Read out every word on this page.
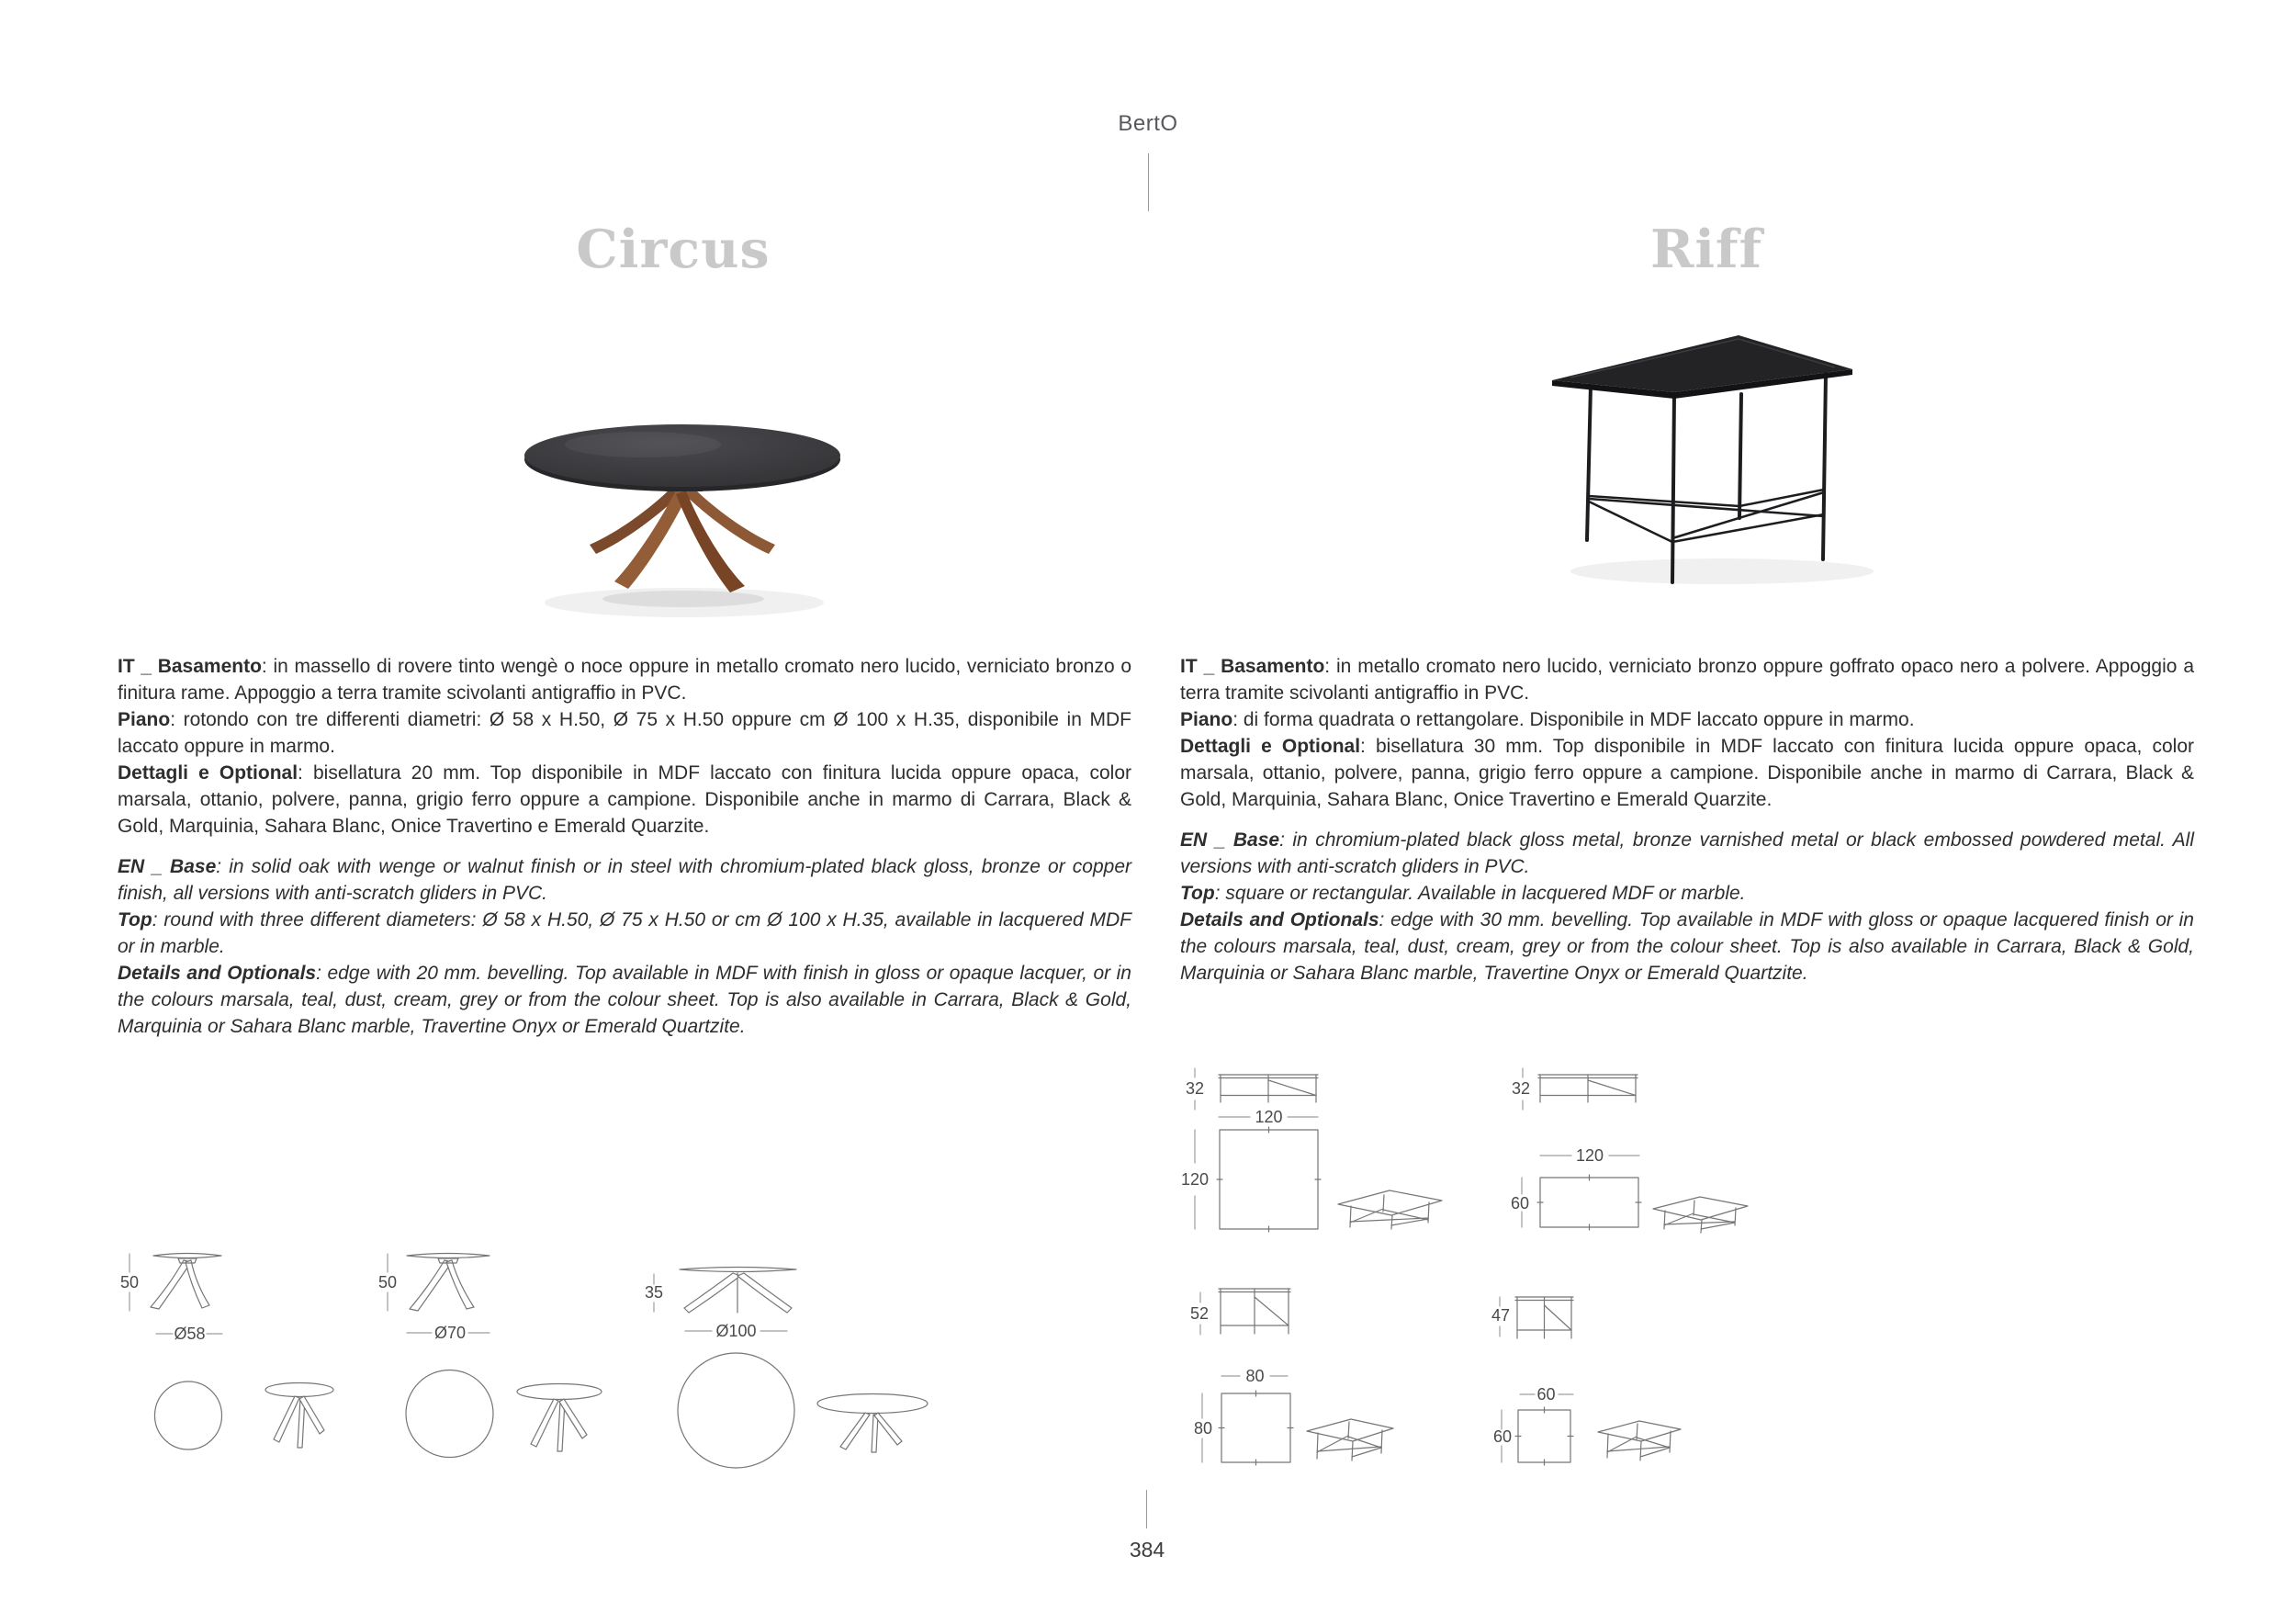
BertO
Circus	Riff

IT _ Basamento: in massello di rovere tinto wengè o noce oppure in metallo cromato nero lucido, verniciato bronzo o finitura rame. Appoggio a terra tramite scivolanti antigraffio in PVC.

Piano: rotondo con tre differenti diametri: Ø 58 x H.50, Ø 75 x H.50 oppure cm Ø 100 x H.35, disponibile in MDF laccato oppure in marmo.

Dettagli e Optional: bisellatura 20 mm. Top disponibile in MDF laccato con finitura lucida oppure opaca, color marsala, ottanio, polvere, panna, grigio ferro oppure a campione. Disponibile anche in marmo di Carrara, Black & Gold, Marquinia, Sahara Blanc, Onice Travertino e Emerald Quarzite.

EN _ Base: in solid oak with wenge or walnut finish or in steel with chromium-plated black gloss, bronze or copper finish, all versions with anti-scratch gliders in PVC.

Top: round with three different diameters: Ø 58 x H.50, Ø 75 x H.50 or cm Ø 100 x H.35, available in lacquered MDF or in marble.

Details and Optionals: edge with 20 mm. bevelling. Top available in MDF with finish in gloss or opaque lacquer, or in the colours marsala, teal, dust, cream, grey or from the colour sheet. Top is also available in Carrara, Black & Gold, Marquinia or Sahara Blanc marble, Travertine Onyx or Emerald Quartzite.

IT _ Basamento: in metallo cromato nero lucido, verniciato bronzo oppure goffrato opaco nero a polvere. Appoggio a terra tramite scivolanti antigraffio in PVC.

Piano: di forma quadrata o rettangolare. Disponibile in MDF laccato oppure in marmo.

Dettagli e Optional: bisellatura 30 mm. Top disponibile in MDF laccato con finitura lucida oppure opaca, color marsala, ottanio, polvere, panna, grigio ferro oppure a campione. Disponibile anche in marmo di Carrara, Black & Gold, Marquinia, Sahara Blanc, Onice Travertino e Emerald Quarzite.

EN _ Base: in chromium-plated black gloss metal, bronze varnished metal or black embossed powdered metal. All versions with anti-scratch gliders in PVC.

Top: square or rectangular. Available in lacquered MDF or marble.

Details and Optionals: edge with 30 mm. bevelling. Top available in MDF with gloss or opaque lacquered finish or in the colours marsala, teal, dust, cream, grey or from the colour sheet. Top is also available in Carrara, Black & Gold, Marquinia or Sahara Blanc marble, Travertine Onyx or Emerald Quartzite.

50
Ø58
50
Ø70
35
Ø100
32
120
120
32
120
60
52
80
80
47
60
60
384
